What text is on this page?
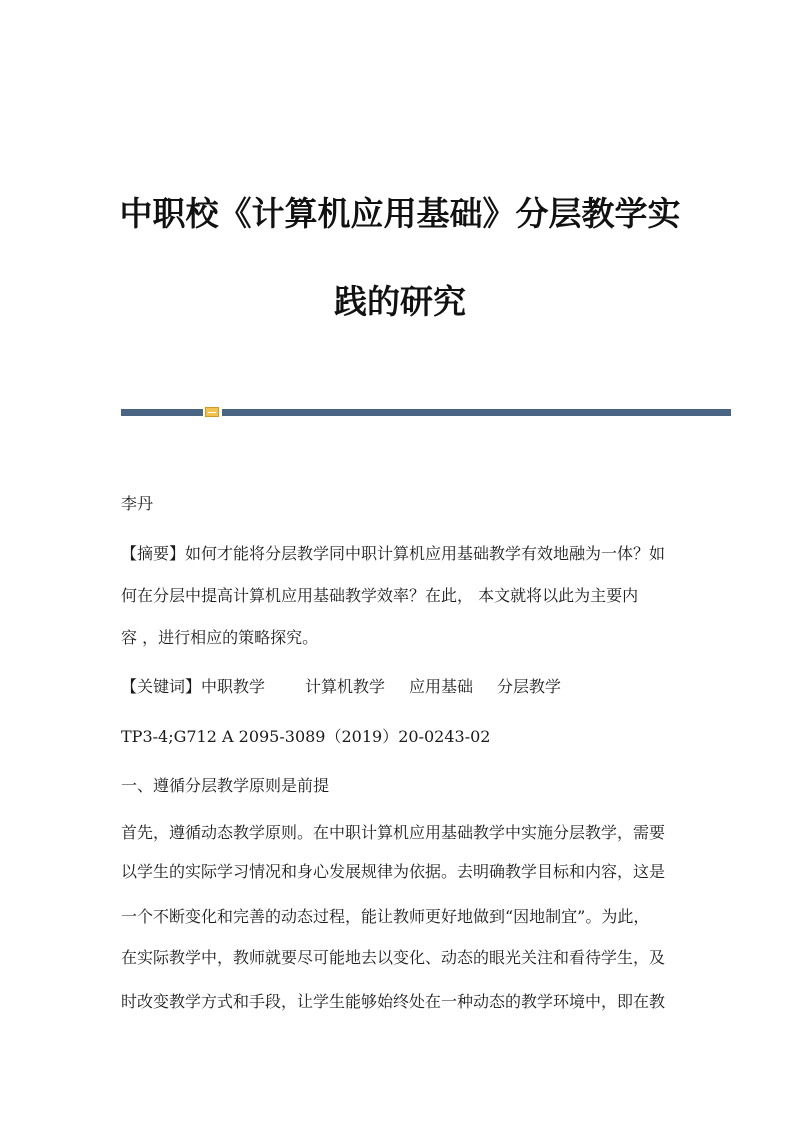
中职校《计算机应用基础》分层教学实
践的研究
李丹
【摘要】如何才能将分层教学同中职计算机应用基础教学有效地融为一体？如
何在分层中提高计算机应用基础教学效率？在此， 本文就将以此为主要内
容 ，进行相应的策略探究。
【关键词】中职教学 计算机教学 应用基础 分层教学
TP3-4;G712 A 2095-3089（2019）20-0243-02
一、遵循分层教学原则是前提
首先，遵循动态教学原则。在中职计算机应用基础教学中实施分层教学，需要
以学生的实际学习情况和身心发展规律为依据。去明确教学目标和内容，这是
一个不断变化和完善的动态过程，能让教师更好地做到“因地制宜”。为此，
在实际教学中，教师就要尽可能地去以变化、动态的眼光关注和看待学生，及
时改变教学方式和手段，让学生能够始终处在一种动态的教学环境中，即在教
